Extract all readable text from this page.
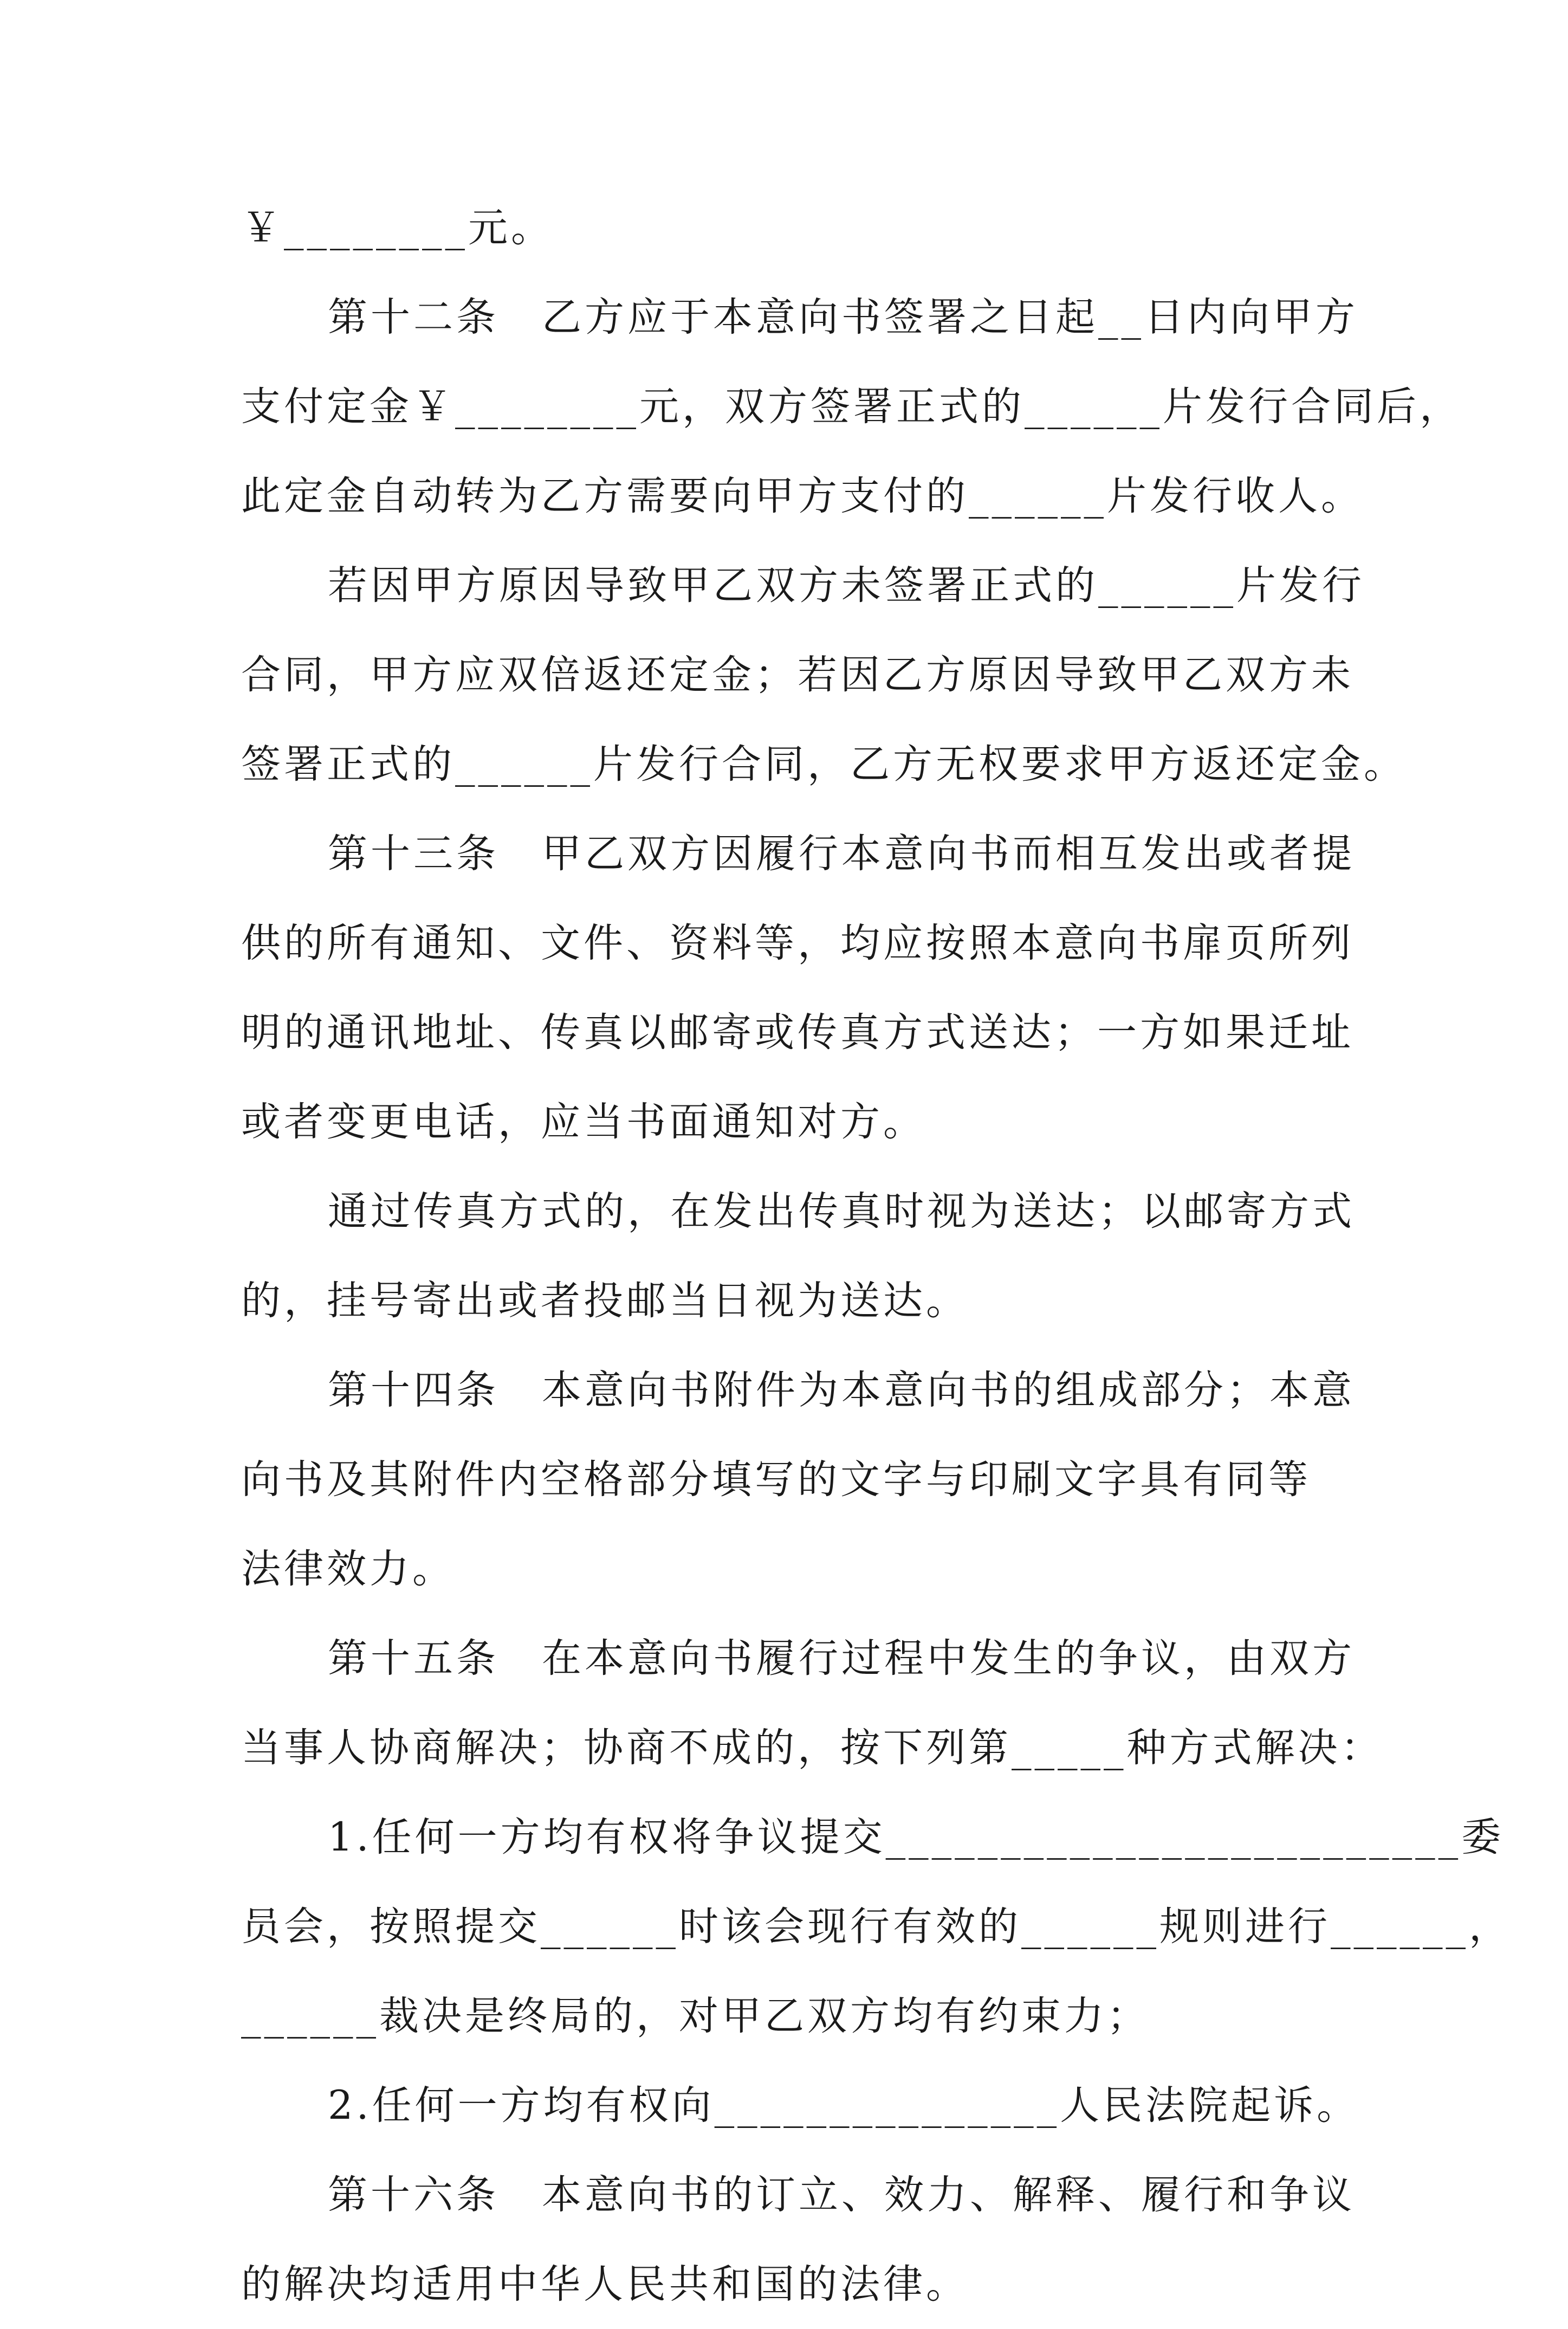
￥________元。
第十二条　乙方应于本意向书签署之日起__日内向甲方
支付定金￥________元，双方签署正式的______片发行合同后，
此定金自动转为乙方需要向甲方支付的______片发行收人。
若因甲方原因导致甲乙双方未签署正式的______片发行
合同，甲方应双倍返还定金；若因乙方原因导致甲乙双方未
签署正式的______片发行合同，乙方无权要求甲方返还定金。
第十三条　甲乙双方因履行本意向书而相互发出或者提
供的所有通知、文件、资料等，均应按照本意向书扉页所列
明的通讯地址、传真以邮寄或传真方式送达；一方如果迁址
或者变更电话，应当书面通知对方。
通过传真方式的，在发出传真时视为送达；以邮寄方式
的，挂号寄出或者投邮当日视为送达。
第十四条　本意向书附件为本意向书的组成部分；本意
向书及其附件内空格部分填写的文字与印刷文字具有同等
法律效力。
第十五条　在本意向书履行过程中发生的争议，由双方
当事人协商解决；协商不成的，按下列第_____种方式解决：
1.任何一方均有权将争议提交_________________________委
员会，按照提交______时该会现行有效的______规则进行______，
______裁决是终局的，对甲乙双方均有约束力；
2.任何一方均有权向_______________人民法院起诉。
第十六条　本意向书的订立、效力、解释、履行和争议
的解决均适用中华人民共和国的法律。
